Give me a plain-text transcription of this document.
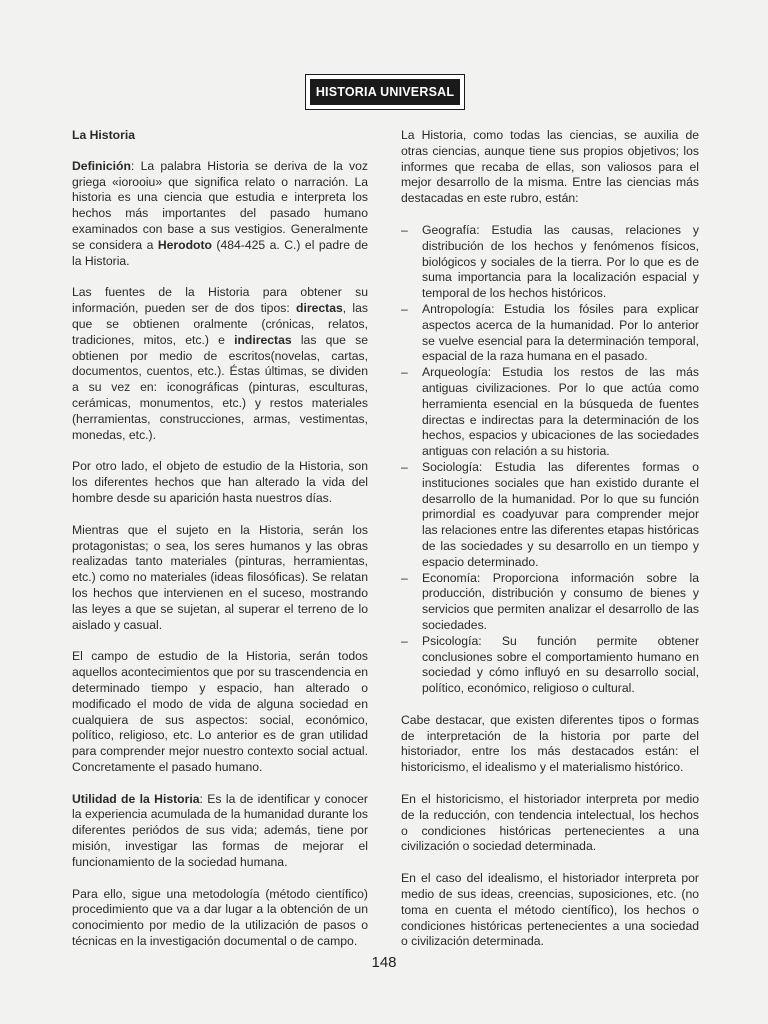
HISTORIA UNIVERSAL

La Historia

Definición: La palabra Historia se deriva de la voz griega «iorooiu» que significa relato o narración. La historia es una ciencia que estudia e interpreta los hechos más importantes del pasado humano examinados con base a sus vestigios. Generalmente se considera a Herodoto (484-425 a. C.) el padre de la Historia.

Las fuentes de la Historia para obtener su información, pueden ser de dos tipos: directas, las que se obtienen oralmente (crónicas, relatos, tradiciones, mitos, etc.) e indirectas las que se obtienen por medio de escritos(novelas, cartas, documentos, cuentos, etc.). Éstas últimas, se dividen a su vez en: iconográficas (pinturas, esculturas, cerámicas, monumentos, etc.) y restos materiales (herramientas, construcciones, armas, vestimentas, monedas, etc.).

Por otro lado, el objeto de estudio de la Historia, son los diferentes hechos que han alterado la vida del hombre desde su aparición hasta nuestros días.

Mientras que el sujeto en la Historia, serán los protagonistas; o sea, los seres humanos y las obras realizadas tanto materiales (pinturas, herramientas, etc.) como no materiales (ideas filosóficas). Se relatan los hechos que intervienen en el suceso, mostrando las leyes a que se sujetan, al superar el terreno de lo aislado y casual.

El campo de estudio de la Historia, serán todos aquellos acontecimientos que por su trascendencia en determinado tiempo y espacio, han alterado o modificado el modo de vida de alguna sociedad en cualquiera de sus aspectos: social, económico, político, religioso, etc. Lo anterior es de gran utilidad para comprender mejor nuestro contexto social actual. Concretamente el pasado humano.

Utilidad de la Historia: Es la de identificar y conocer la experiencia acumulada de la humanidad durante los diferentes periódos de sus vida; además, tiene por misión, investigar las formas de mejorar el funcionamiento de la sociedad humana.

Para ello, sigue una metodología (método científico) procedimiento que va a dar lugar a la obtención de un conocimiento por medio de la utilización de pasos o técnicas en la investigación documental o de campo.

La Historia, como todas las ciencias, se auxilia de otras ciencias, aunque tiene sus propios objetivos; los informes que recaba de ellas, son valiosos para el mejor desarrollo de la misma. Entre las ciencias más destacadas en este rubro, están:

– Geografía: Estudia las causas, relaciones y distribución de los hechos y fenómenos físicos, biológicos y sociales de la tierra. Por lo que es de suma importancia para la localización espacial y temporal de los hechos históricos.
– Antropología: Estudia los fósiles para explicar aspectos acerca de la humanidad. Por lo anterior se vuelve esencial para la determinación temporal, espacial de la raza humana en el pasado.
– Arqueología: Estudia los restos de las más antiguas civilizaciones. Por lo que actúa como herramienta esencial en la búsqueda de fuentes directas e indirectas para la determinación de los hechos, espacios y ubicaciones de las sociedades antiguas con relación a su historia.
– Sociología: Estudia las diferentes formas o instituciones sociales que han existido durante el desarrollo de la humanidad. Por lo que su función primordial es coadyuvar para comprender mejor las relaciones entre las diferentes etapas históricas de las sociedades y su desarrollo en un tiempo y espacio determinado.
– Economía: Proporciona información sobre la producción, distribución y consumo de bienes y servicios que permiten analizar el desarrollo de las sociedades.
– Psicología: Su función permite obtener conclusiones sobre el comportamiento humano en sociedad y cómo influyó en su desarrollo social, político, económico, religioso o cultural.

Cabe destacar, que existen diferentes tipos o formas de interpretación de la historia por parte del historiador, entre los más destacados están: el historicismo, el idealismo y el materialismo histórico.

En el historicismo, el historiador interpreta por medio de la reducción, con tendencia intelectual, los hechos o condiciones históricas pertenecientes a una civilización o sociedad determinada.

En el caso del idealismo, el historiador interpreta por medio de sus ideas, creencias, suposiciones, etc. (no toma en cuenta el método científico), los hechos o condiciones históricas pertenecientes a una sociedad o civilización determinada.

148
